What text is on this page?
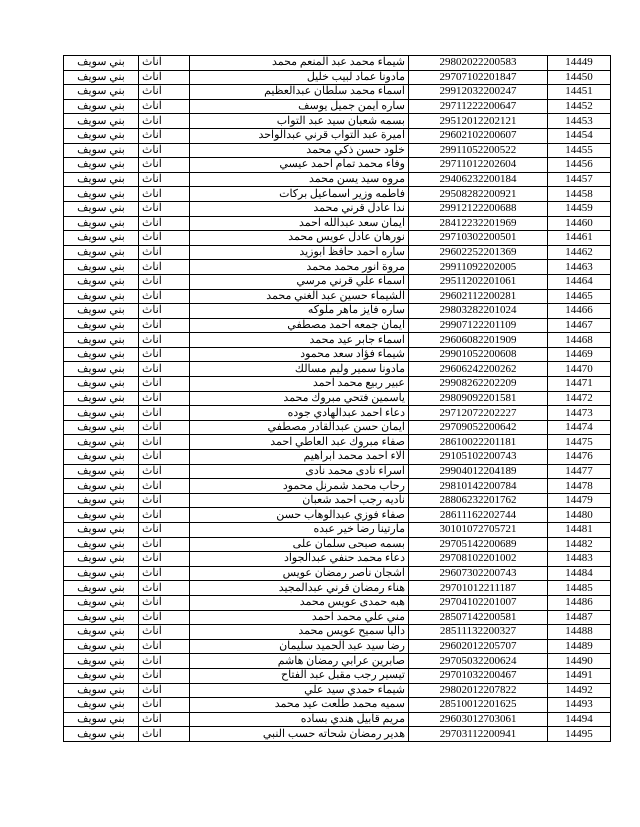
بني سويف	اناث	شيماء محمد عبد المنعم محمد	29802022200583	14449
بني سويف	اناث	مادونا عماد لبيب خليل	29707102201847	14450
بني سويف	اناث	اسماء محمد سلطان عبدالعظيم	29912032200247	14451
بني سويف	اناث	ساره ايمن جميل يوسف	29711222200647	14452
بني سويف	اناث	بسمه شعبان سيد عبد التواب	29512012202121	14453
بني سويف	اناث	اميرة عبد التواب قرني عبدالواحد	29602102200607	14454
بني سويف	اناث	خلود حسن ذكي محمد	29911052200522	14455
بني سويف	اناث	وفاء محمد تمام احمد عيسي	29711012202604	14456
بني سويف	اناث	مروه سيد يسن محمد	29406232200184	14457
بني سويف	اناث	فاطمه وزير اسماعيل بركات	29508282200921	14458
بني سويف	اناث	ندا عادل قرني محمد	29912122200688	14459
بني سويف	اناث	ايمان سعد عبدالله احمد	28412232201969	14460
بني سويف	اناث	نورهان عادل عويس محمد	29710302200501	14461
بني سويف	اناث	ساره احمد حافظ ابوزيد	29602252201369	14462
بني سويف	اناث	مروة انور محمد محمد	29911092202005	14463
بني سويف	اناث	اسماء علي قرني مرسي	29511202201061	14464
بني سويف	اناث	الشيماء حسين عبد الغني محمد	29602112200281	14465
بني سويف	اناث	ساره فايز ماهر ملوكه	29803282201024	14466
بني سويف	اناث	ايمان جمعه احمد مصطفي	29907122201109	14467
بني سويف	اناث	اسماء جابر عيد محمد	29606082201909	14468
بني سويف	اناث	شيماء فؤاد سعد محمود	29901052200608	14469
بني سويف	اناث	مادونا سمير وليم مسالك	29606242200262	14470
بني سويف	اناث	عبير ربيع محمد احمد	29908262202209	14471
بني سويف	اناث	ياسمين فتحي مبروك محمد	29809092201581	14472
بني سويف	اناث	دعاء احمد عبدالهادي جوده	29712072202227	14473
بني سويف	اناث	ايمان حسن عبدالقادر مصطفي	29709052200642	14474
بني سويف	اناث	صفاء مبروك عبد العاطي احمد	28610022201181	14475
بني سويف	اناث	الاء احمد محمد ابراهيم	29105102200743	14476
بني سويف	اناث	اسراء نادى محمد نادى	29904012204189	14477
بني سويف	اناث	رحاب محمد شمرنل محمود	29810142200784	14478
بني سويف	اناث	ناديه رجب احمد شعبان	28806232201762	14479
بني سويف	اناث	صفاء فوزي عبدالوهاب حسن	28611162202744	14480
بني سويف	اناث	مارتينا رضا خير عبده	30101072705721	14481
بني سويف	اناث	بسمه صبحى سلمان على	29705142200689	14482
بني سويف	اناث	دعاء محمد حنفي عبدالجواد	29708102201002	14483
بني سويف	اناث	اشجان ناصر رمضان عويس	29607302200743	14484
بني سويف	اناث	هناء رمضان قرني عبدالمجيد	29701012211187	14485
بني سويف	اناث	هبه حمدى عويس محمد	29704102201007	14486
بني سويف	اناث	مني علي محمد احمد	28507142200581	14487
بني سويف	اناث	داليا سميح عويس محمد	28511132200327	14488
بني سويف	اناث	رضا سيد عبد الحميد سليمان	29602012205707	14489
بني سويف	اناث	صابرين عرابي رمضان هاشم	29705032200624	14490
بني سويف	اناث	تيسير رجب مقبل عبد الفتاح	29701032200467	14491
بني سويف	اناث	شيماء حمدي سيد علي	29802012207822	14492
بني سويف	اناث	سميه محمد طلعت عيد محمد	28510012201625	14493
بني سويف	اناث	مريم قابيل هندي بساده	29603012703061	14494
بني سويف	اناث	هدير رمضان شحاته حسب النبي	29703112200941	14495
